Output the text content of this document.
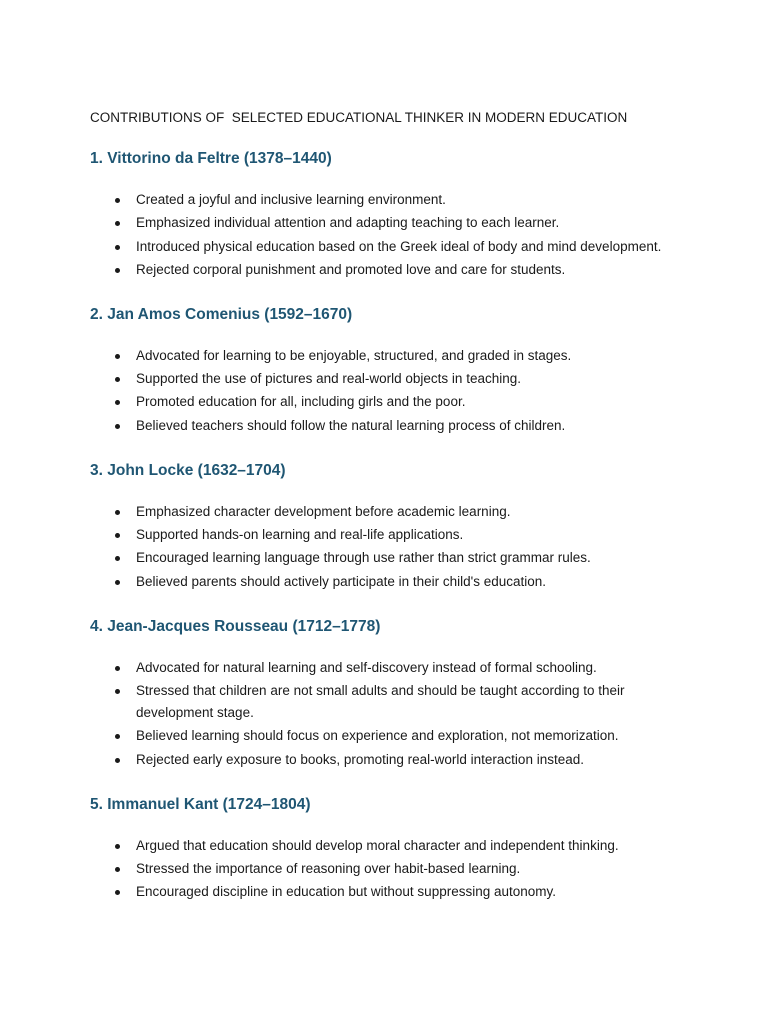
CONTRIBUTIONS OF  SELECTED EDUCATIONAL THINKER IN MODERN EDUCATION

1. Vittorino da Feltre (1378–1440)
Created a joyful and inclusive learning environment.
Emphasized individual attention and adapting teaching to each learner.
Introduced physical education based on the Greek ideal of body and mind development.
Rejected corporal punishment and promoted love and care for students.
2. Jan Amos Comenius (1592–1670)
Advocated for learning to be enjoyable, structured, and graded in stages.
Supported the use of pictures and real-world objects in teaching.
Promoted education for all, including girls and the poor.
Believed teachers should follow the natural learning process of children.
3. John Locke (1632–1704)
Emphasized character development before academic learning.
Supported hands-on learning and real-life applications.
Encouraged learning language through use rather than strict grammar rules.
Believed parents should actively participate in their child's education.
4. Jean-Jacques Rousseau (1712–1778)
Advocated for natural learning and self-discovery instead of formal schooling.
Stressed that children are not small adults and should be taught according to their development stage.
Believed learning should focus on experience and exploration, not memorization.
Rejected early exposure to books, promoting real-world interaction instead.
5. Immanuel Kant (1724–1804)
Argued that education should develop moral character and independent thinking.
Stressed the importance of reasoning over habit-based learning.
Encouraged discipline in education but without suppressing autonomy.
